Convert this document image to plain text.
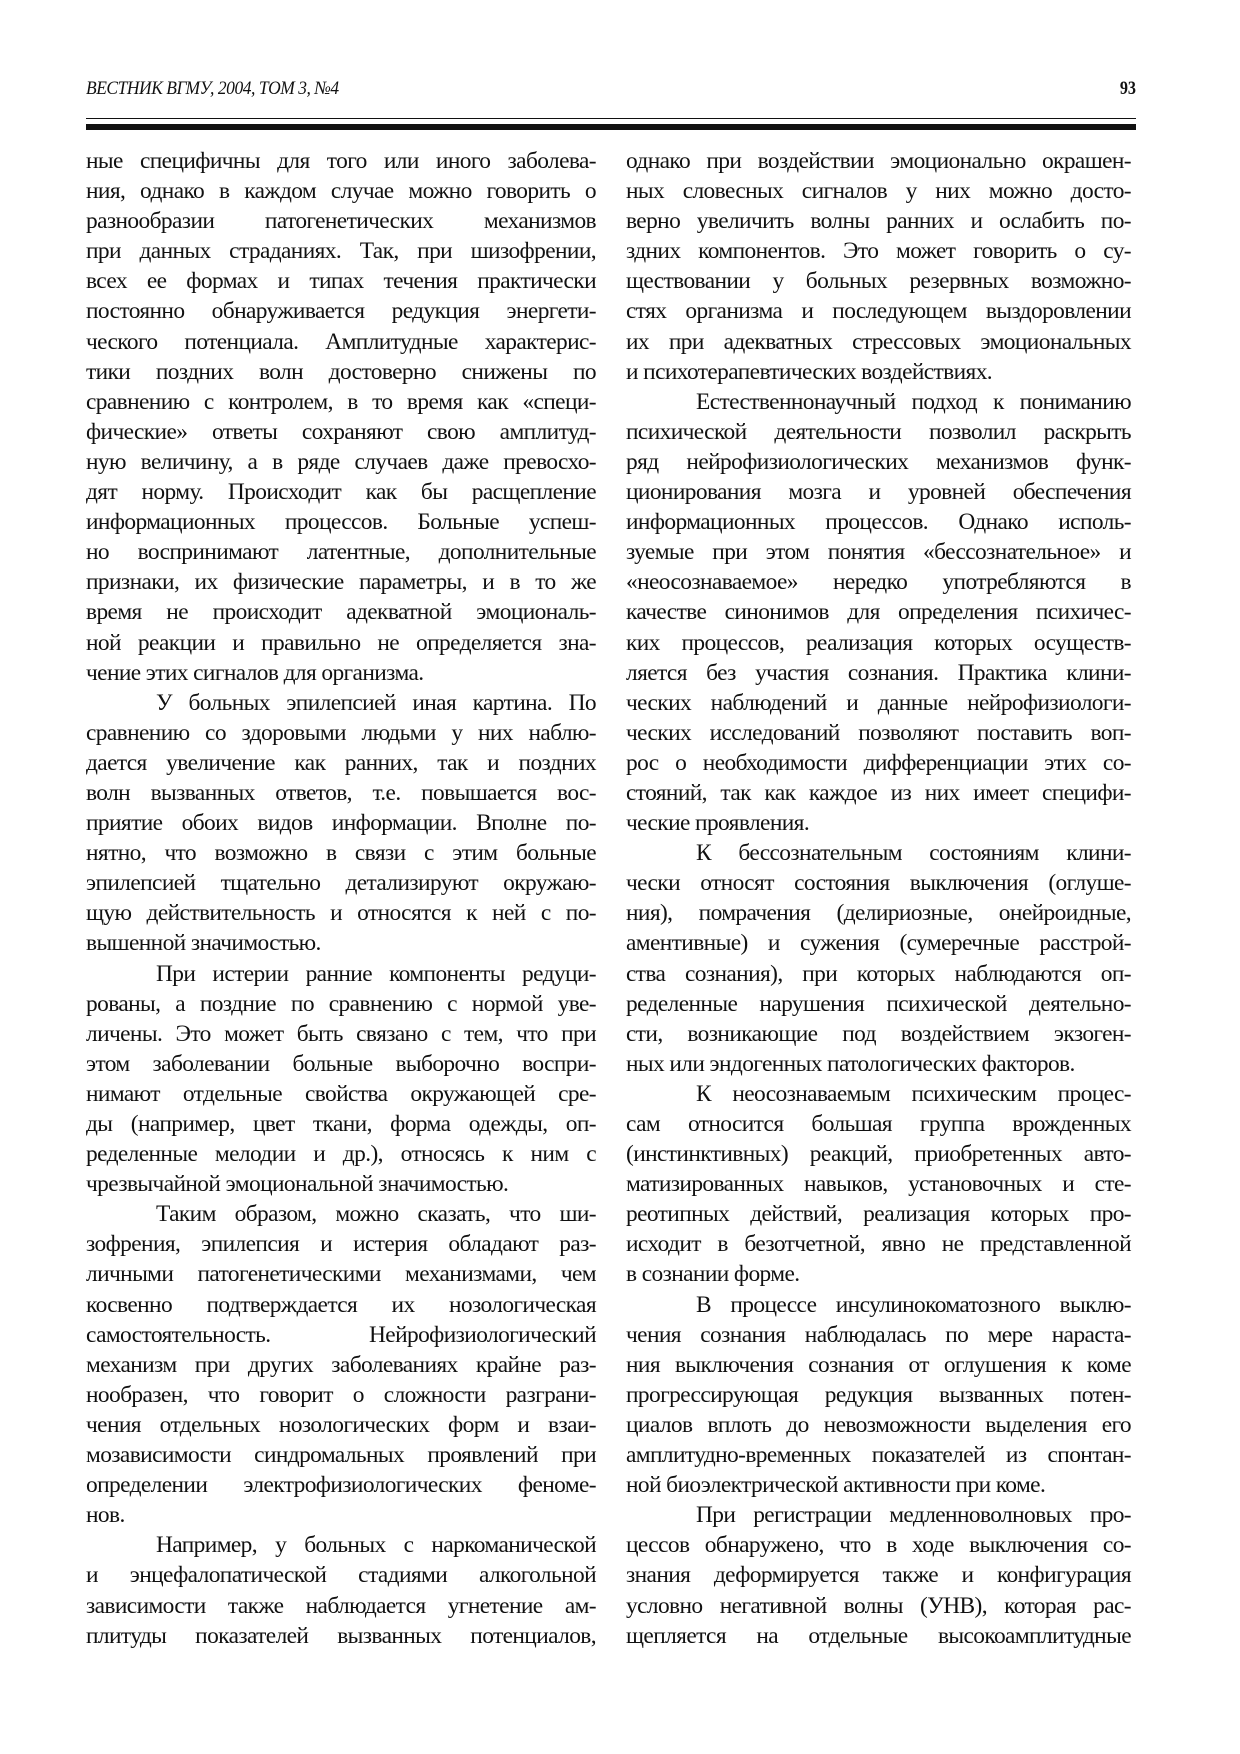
ВЕСТНИК ВГМУ, 2004, ТОМ 3, №4	93
ные специфичны для того или иного заболева-
ния, однако в каждом случае можно говорить о
разнообразии патогенетических механизмов
при данных страданиях. Так, при шизофрении,
всех ее формах и типах течения практически
постоянно обнаруживается редукция энергети-
ческого потенциала. Амплитудные характерис-
тики поздних волн достоверно снижены по
сравнению с контролем, в то время как «специ-
фические» ответы сохраняют свою амплитуд-
ную величину, а в ряде случаев даже превосхо-
дят норму. Происходит как бы расщепление
информационных процессов. Больные успеш-
но воспринимают латентные, дополнительные
признаки, их физические параметры, и в то же
время не происходит адекватной эмоциональ-
ной реакции и правильно не определяется зна-
чение этих сигналов для организма.
У больных эпилепсией иная картина. По
сравнению со здоровыми людьми у них наблю-
дается увеличение как ранних, так и поздних
волн вызванных ответов, т.е. повышается вос-
приятие обоих видов информации. Вполне по-
нятно, что возможно в связи с этим больные
эпилепсией тщательно детализируют окружаю-
щую действительность и относятся к ней с по-
вышенной значимостью.
При истерии ранние компоненты редуци-
рованы, а поздние по сравнению с нормой уве-
личены. Это может быть связано с тем, что при
этом заболевании больные выборочно воспри-
нимают отдельные свойства окружающей сре-
ды (например, цвет ткани, форма одежды, оп-
ределенные мелодии и др.), относясь к ним с
чрезвычайной эмоциональной значимостью.
Таким образом, можно сказать, что ши-
зофрения, эпилепсия и истерия обладают раз-
личными патогенетическими механизмами, чем
косвенно подтверждается их нозологическая
самостоятельность. Нейрофизиологический
механизм при других заболеваниях крайне раз-
нообразен, что говорит о сложности разграни-
чения отдельных нозологических форм и взаи-
мозависимости синдромальных проявлений при
определении электрофизиологических феноме-
нов.
Например, у больных с наркоманической
и энцефалопатической стадиями алкогольной
зависимости также наблюдается угнетение ам-
плитуды показателей вызванных потенциалов,
однако при воздействии эмоционально окрашен-
ных словесных сигналов у них можно досто-
верно увеличить волны ранних и ослабить по-
здних компонентов. Это может говорить о су-
ществовании у больных резервных возможно-
стях организма и последующем выздоровлении
их при адекватных стрессовых эмоциональных
и психотерапевтических воздействиях.
Естественнонаучный подход к пониманию
психической деятельности позволил раскрыть
ряд нейрофизиологических механизмов функ-
ционирования мозга и уровней обеспечения
информационных процессов. Однако исполь-
зуемые при этом понятия «бессознательное» и
«неосознаваемое» нередко употребляются в
качестве синонимов для определения психичес-
ких процессов, реализация которых осуществ-
ляется без участия сознания. Практика клини-
ческих наблюдений и данные нейрофизиологи-
ческих исследований позволяют поставить воп-
рос о необходимости дифференциации этих со-
стояний, так как каждое из них имеет специфи-
ческие проявления.
К бессознательным состояниям клини-
чески относят состояния выключения (оглуше-
ния), помрачения (делириозные, онейроидные,
аментивные) и сужения (сумеречные расстрой-
ства сознания), при которых наблюдаются оп-
ределенные нарушения психической деятельно-
сти, возникающие под воздействием экзоген-
ных или эндогенных патологических факторов.
К неосознаваемым психическим процес-
сам относится большая группа врожденных
(инстинктивных) реакций, приобретенных авто-
матизированных навыков, установочных и сте-
реотипных действий, реализация которых про-
исходит в безотчетной, явно не представленной
в сознании форме.
В процессе инсулинокоматозного выклю-
чения сознания наблюдалась по мере нараста-
ния выключения сознания от оглушения к коме
прогрессирующая редукция вызванных потен-
циалов вплоть до невозможности выделения его
амплитудно-временных показателей из спонтан-
ной биоэлектрической активности при коме.
При регистрации медленноволновых про-
цессов обнаружено, что в ходе выключения со-
знания деформируется также и конфигурация
условно негативной волны (УНВ), которая рас-
щепляется на отдельные высокоамплитудные
